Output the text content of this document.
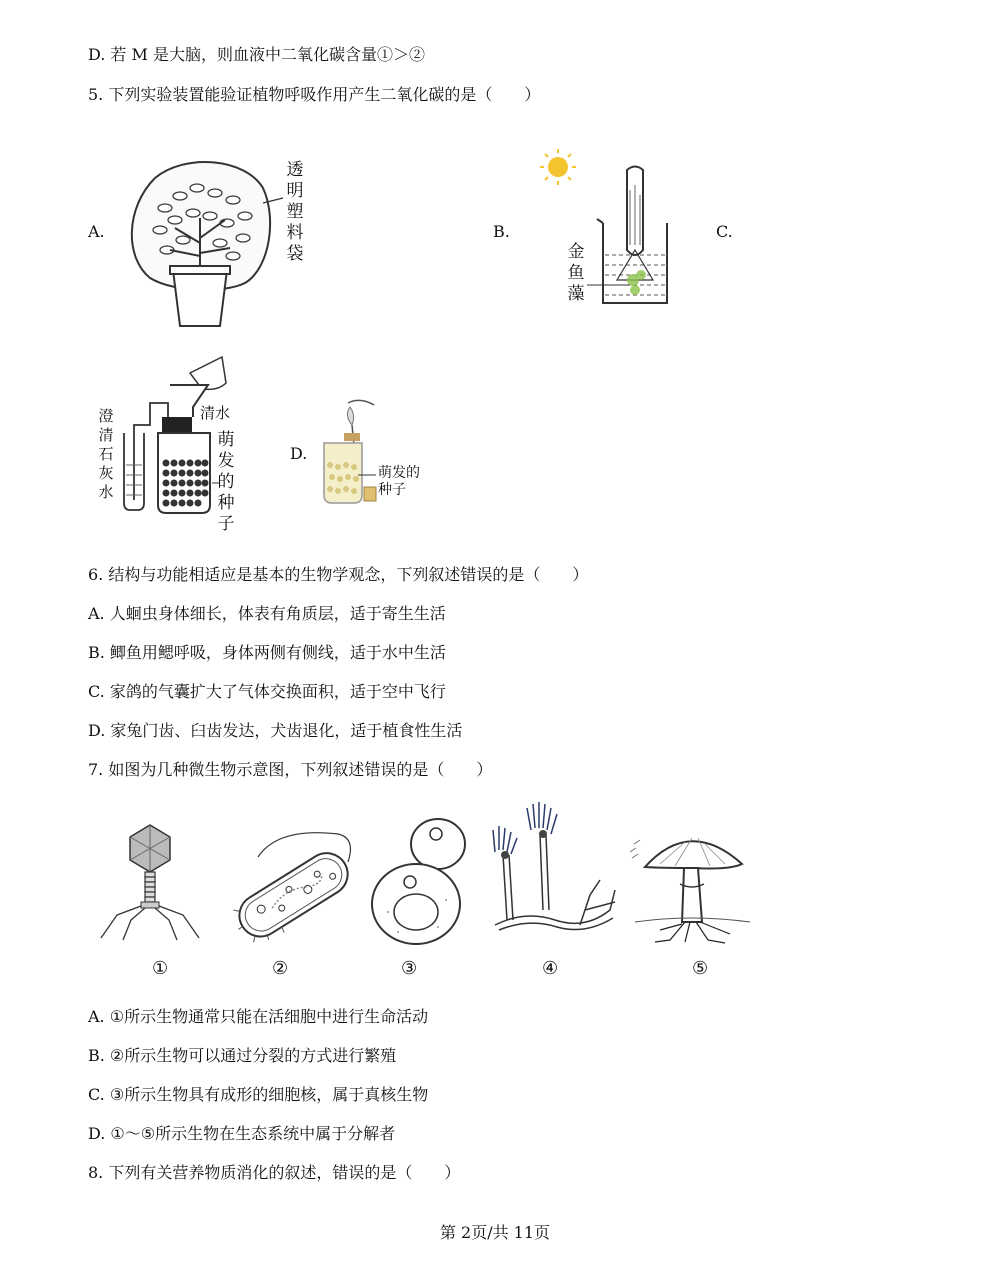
D. 若 M 是大脑，则血液中二氧化碳含量①＞②
5. 下列实验装置能验证植物呼吸作用产生二氧化碳的是（　　）
A.	B.	C.
D.
透
明
塑
料
袋	金
鱼
藻
澄
清
石
灰
水
清水
萌
发
的
种
子
萌发的
种子
6. 结构与功能相适应是基本的生物学观念，下列叙述错误的是（　　）
A. 人蛔虫身体细长，体表有角质层，适于寄生生活
B. 鲫鱼用鳃呼吸，身体两侧有侧线，适于水中生活
C. 家鸽的气囊扩大了气体交换面积，适于空中飞行
D. 家兔门齿、臼齿发达，犬齿退化，适于植食性生活
7. 如图为几种微生物示意图，下列叙述错误的是（　　）
①	②	③	④	⑤
A. ①所示生物通常只能在活细胞中进行生命活动
B. ②所示生物可以通过分裂的方式进行繁殖
C. ③所示生物具有成形的细胞核，属于真核生物
D. ①～⑤所示生物在生态系统中属于分解者
8. 下列有关营养物质消化的叙述，错误的是（　　）
第 2页/共 11页
